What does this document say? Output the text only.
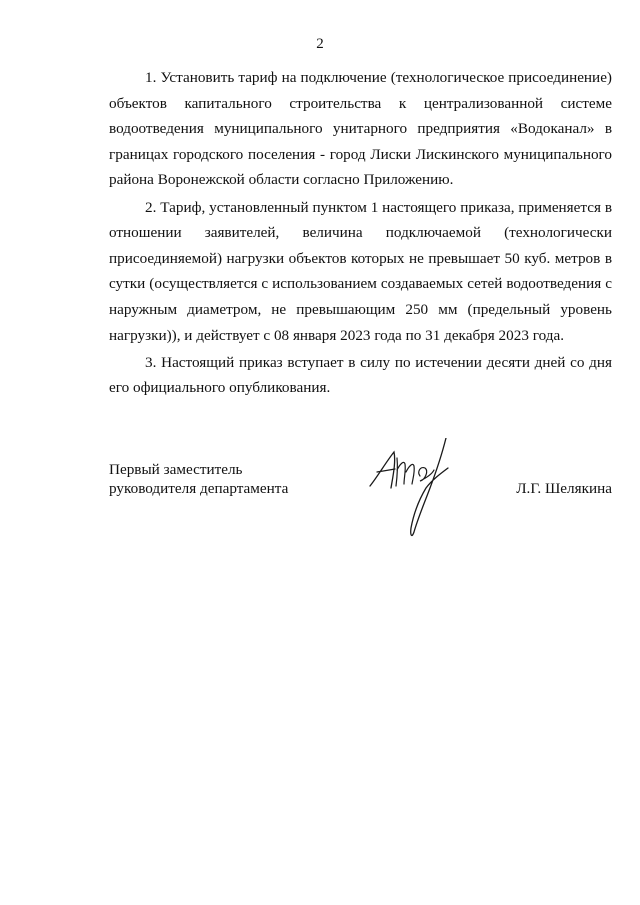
2

1. Установить тариф на подключение (технологическое присоединение) объектов капитального строительства к централизованной системе водоотведения муниципального унитарного предприятия «Водоканал» в границах городского поселения - город Лиски Лискинского муниципального района Воронежской области согласно Приложению.

2. Тариф, установленный пунктом 1 настоящего приказа, применяется в отношении заявителей, величина подключаемой (технологически присоединяемой) нагрузки объектов которых не превышает 50 куб. метров в сутки (осуществляется с использованием создаваемых сетей водоотведения с наружным диаметром, не превышающим 250 мм (предельный уровень нагрузки)), и действует с 08 января 2023 года по 31 декабря 2023 года.

3. Настоящий приказ вступает в силу по истечении десяти дней со дня его официального опубликования.

Первый заместитель
руководителя департамента	Л.Г. Шелякина
